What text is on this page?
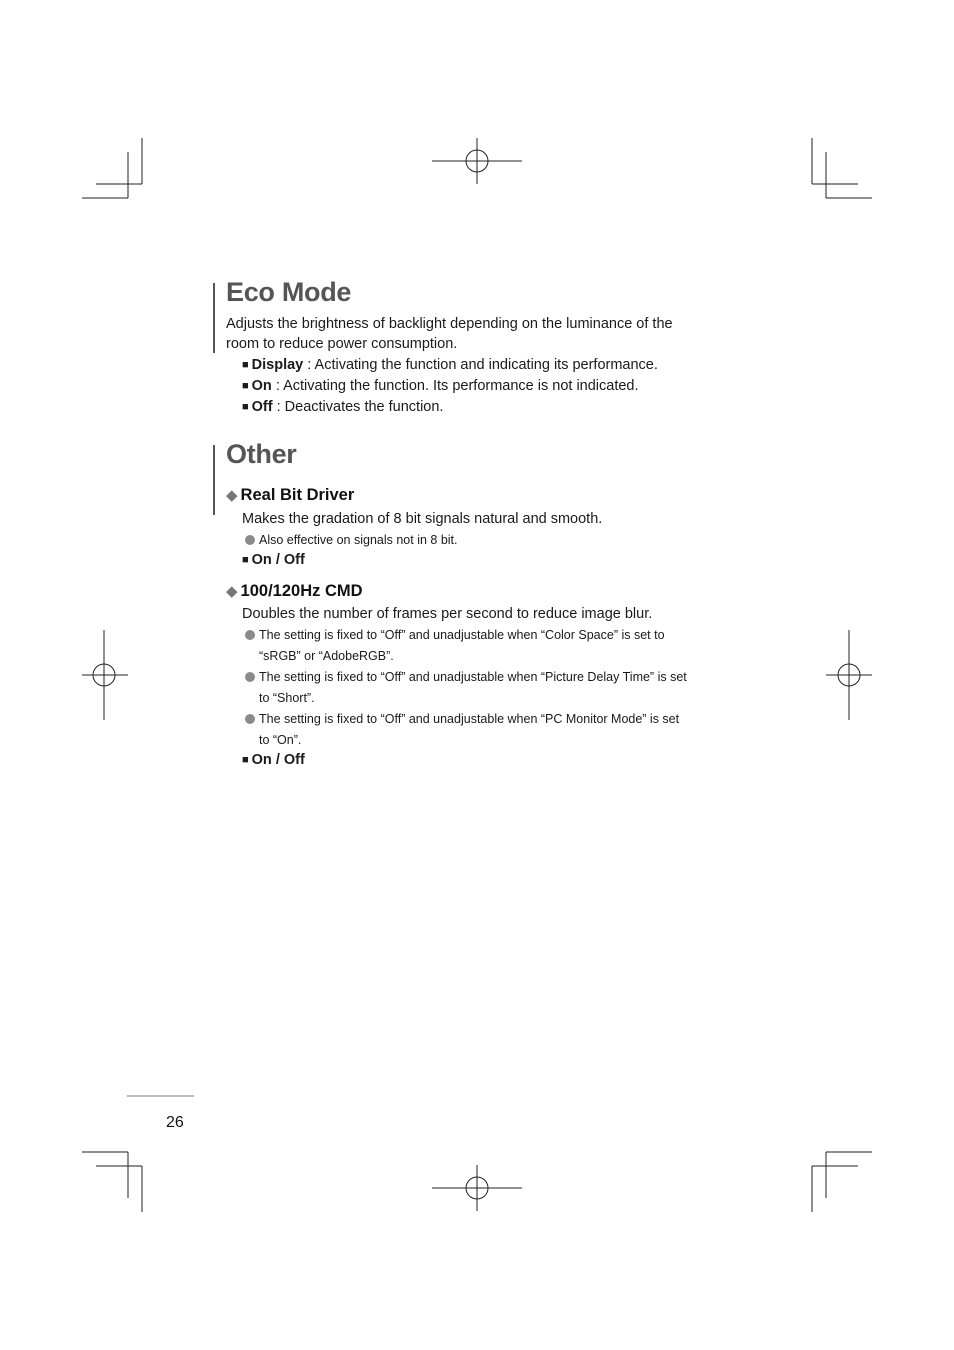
Eco Mode
Adjusts the brightness of backlight depending on the luminance of the
room to reduce power consumption.
■ Display : Activating the function and indicating its performance.
■ On : Activating the function. Its performance is not indicated.
■ Off : Deactivates the function.
Other
◆ Real Bit Driver
Makes the gradation of 8 bit signals natural and smooth.
Also effective on signals not in 8 bit.
■ On / Off
◆ 100/120Hz CMD
Doubles the number of frames per second to reduce image blur.
The setting is fixed to “Off” and unadjustable when “Color Space” is set to
“sRGB” or “AdobeRGB”.
The setting is fixed to “Off” and unadjustable when “Picture Delay Time” is set
to “Short”.
The setting is fixed to “Off” and unadjustable when “PC Monitor Mode” is set
to “On”.
■ On / Off
26
